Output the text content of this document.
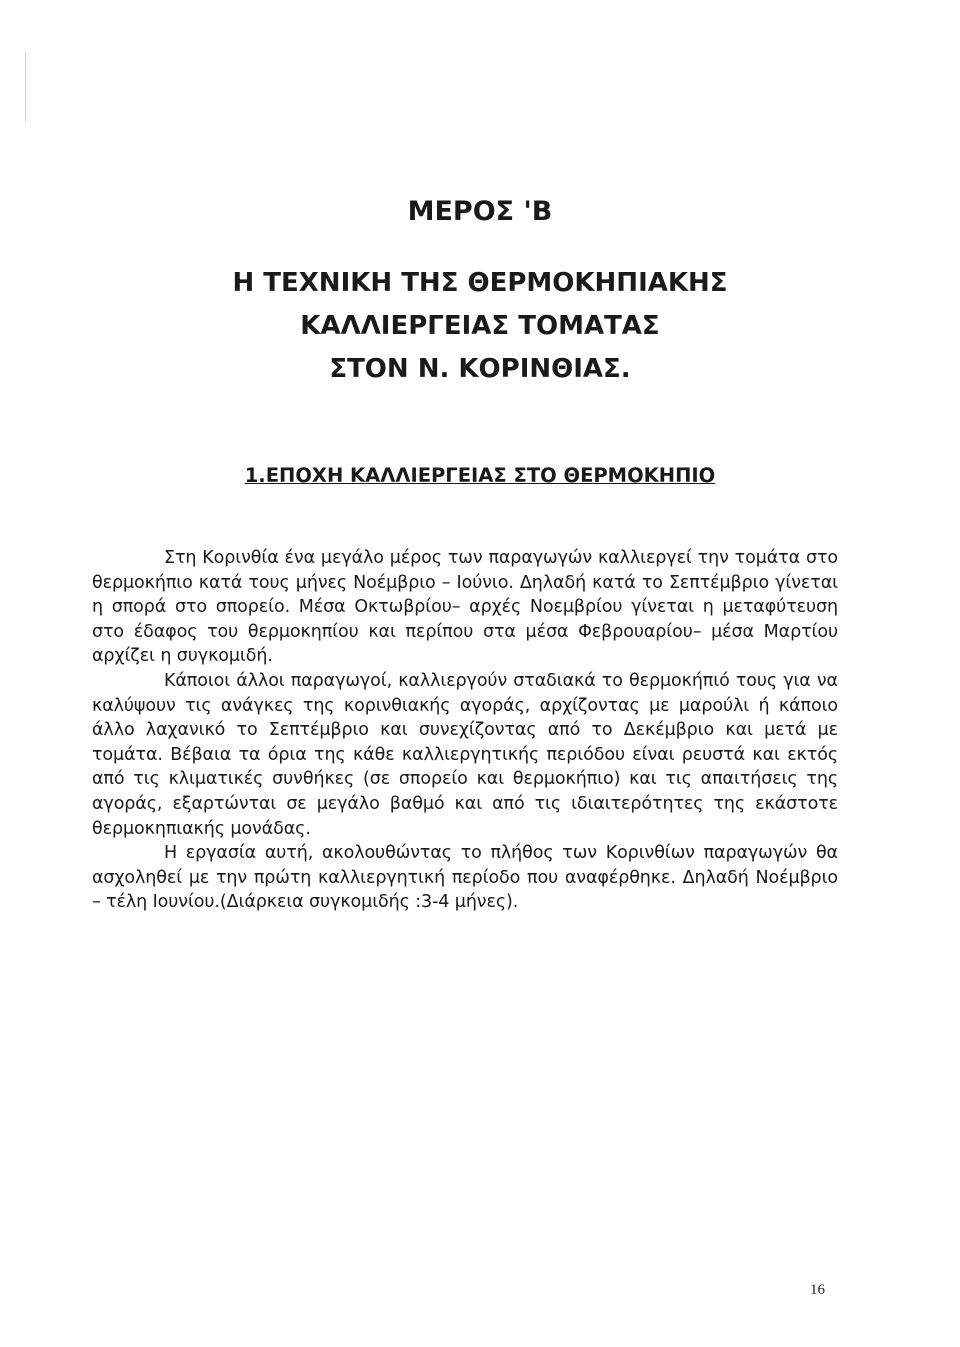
ΜΕΡΟΣ 'Β
Η ΤΕΧΝΙΚΗ ΤΗΣ ΘΕΡΜΟΚΗΠΙΑΚΗΣ
ΚΑΛΛΙΕΡΓΕΙΑΣ ΤΟΜΑΤΑΣ
ΣΤΟΝ Ν. ΚΟΡΙΝΘΙΑΣ.
1.ΕΠΟΧΗ ΚΑΛΛΙΕΡΓΕΙΑΣ ΣΤΟ ΘΕΡΜΟΚΗΠΙΟ

Στη Κορινθία ένα μεγάλο μέρος των παραγωγών καλλιεργεί την τομάτα στο θερμοκήπιο κατά τους μήνες Νοέμβριο – Ιούνιο. Δηλαδή κατά το Σεπτέμβριο γίνεται η σπορά στο σπορείο. Μέσα Οκτωβρίου– αρχές Νοεμβρίου γίνεται η μεταφύτευση στο έδαφος του θερμοκηπίου και περίπου στα μέσα Φεβρουαρίου– μέσα Μαρτίου αρχίζει η συγκομιδή.

Κάποιοι άλλοι παραγωγοί, καλλιεργούν σταδιακά το θερμοκήπιό τους για να καλύψουν τις ανάγκες της κορινθιακής αγοράς, αρχίζοντας με μαρούλι ή κάποιο άλλο λαχανικό το Σεπτέμβριο και συνεχίζοντας από το Δεκέμβριο και μετά με τομάτα. Βέβαια τα όρια της κάθε καλλιεργητικής περιόδου είναι ρευστά και εκτός από τις κλιματικές συνθήκες (σε σπορείο και θερμοκήπιο) και τις απαιτήσεις της αγοράς, εξαρτώνται σε μεγάλο βαθμό και από τις ιδιαιτερότητες της εκάστοτε θερμοκηπιακής μονάδας.

Η εργασία αυτή, ακολουθώντας το πλήθος των Κορινθίων παραγωγών θα ασχοληθεί με την πρώτη καλλιεργητική περίοδο που αναφέρθηκε. Δηλαδή Νοέμβριο – τέλη Ιουνίου.(Διάρκεια συγκομιδής :3-4 μήνες).

16
